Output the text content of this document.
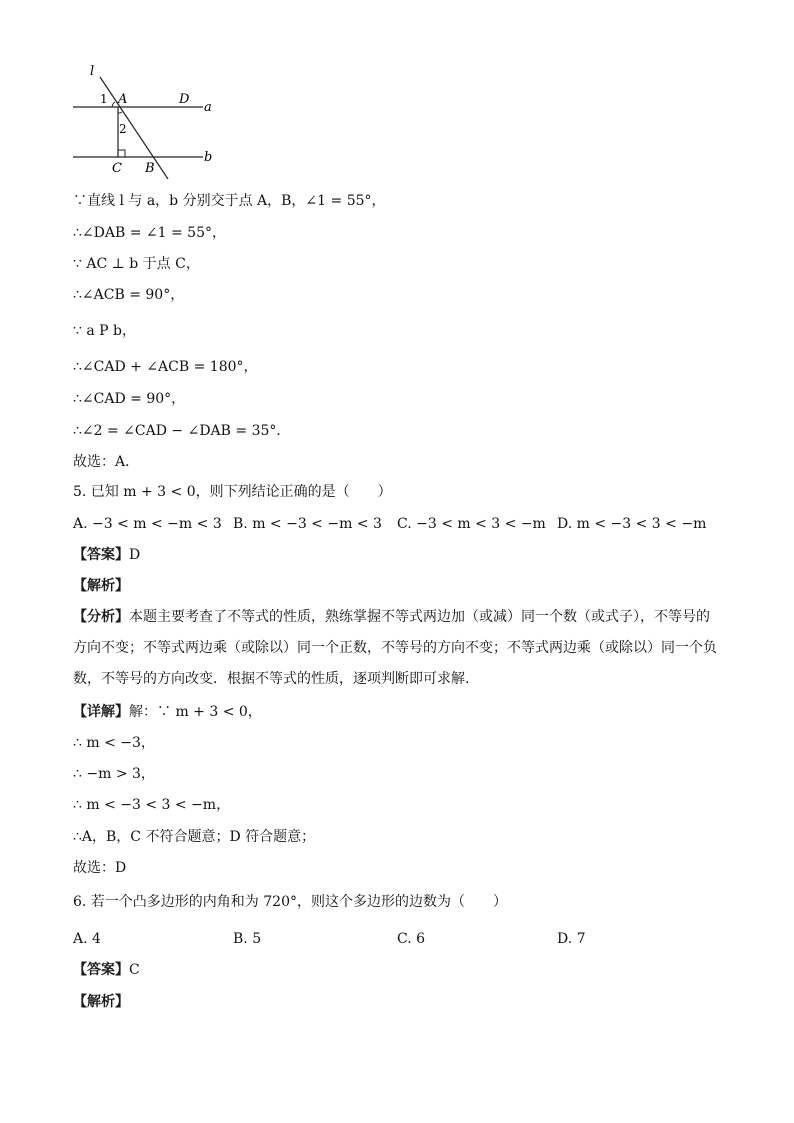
l
1 A	D
a
2
C B
b
∵直线 l 与 a，b 分别交于点 A，B，∠1 = 55°，
∴∠DAB = ∠1 = 55°，
∵ AC ⊥ b 于点 C，
∴∠ACB = 90°，
∵ a P b，
∴∠CAD + ∠ACB = 180°，
∴∠CAD = 90°，
∴∠2 = ∠CAD − ∠DAB = 35°．
故选：A．
5. 已知 m + 3 < 0，则下列结论正确的是（　　）
A. −3 < m < −m < 3 B. m < −3 < −m < 3 C. −3 < m < 3 < −m D. m < −3 < 3 < −m
【答案】D
【解析】
【分析】本题主要考查了不等式的性质，熟练掌握不等式两边加（或减）同一个数（或式子），不等号的方向不变；不等式两边乘（或除以）同一个正数，不等号的方向不变；不等式两边乘（或除以）同一个负数，不等号的方向改变．根据不等式的性质，逐项判断即可求解．
【详解】解：∵ m + 3 < 0，
∴ m < −3，
∴ −m > 3，
∴ m < −3 < 3 < −m，
∴A，B，C 不符合题意；D 符合题意；
故选：D
6. 若一个凸多边形的内角和为 720°，则这个多边形的边数为（　　）
A. 4	B. 5	C. 6	D. 7
【答案】C
【解析】
